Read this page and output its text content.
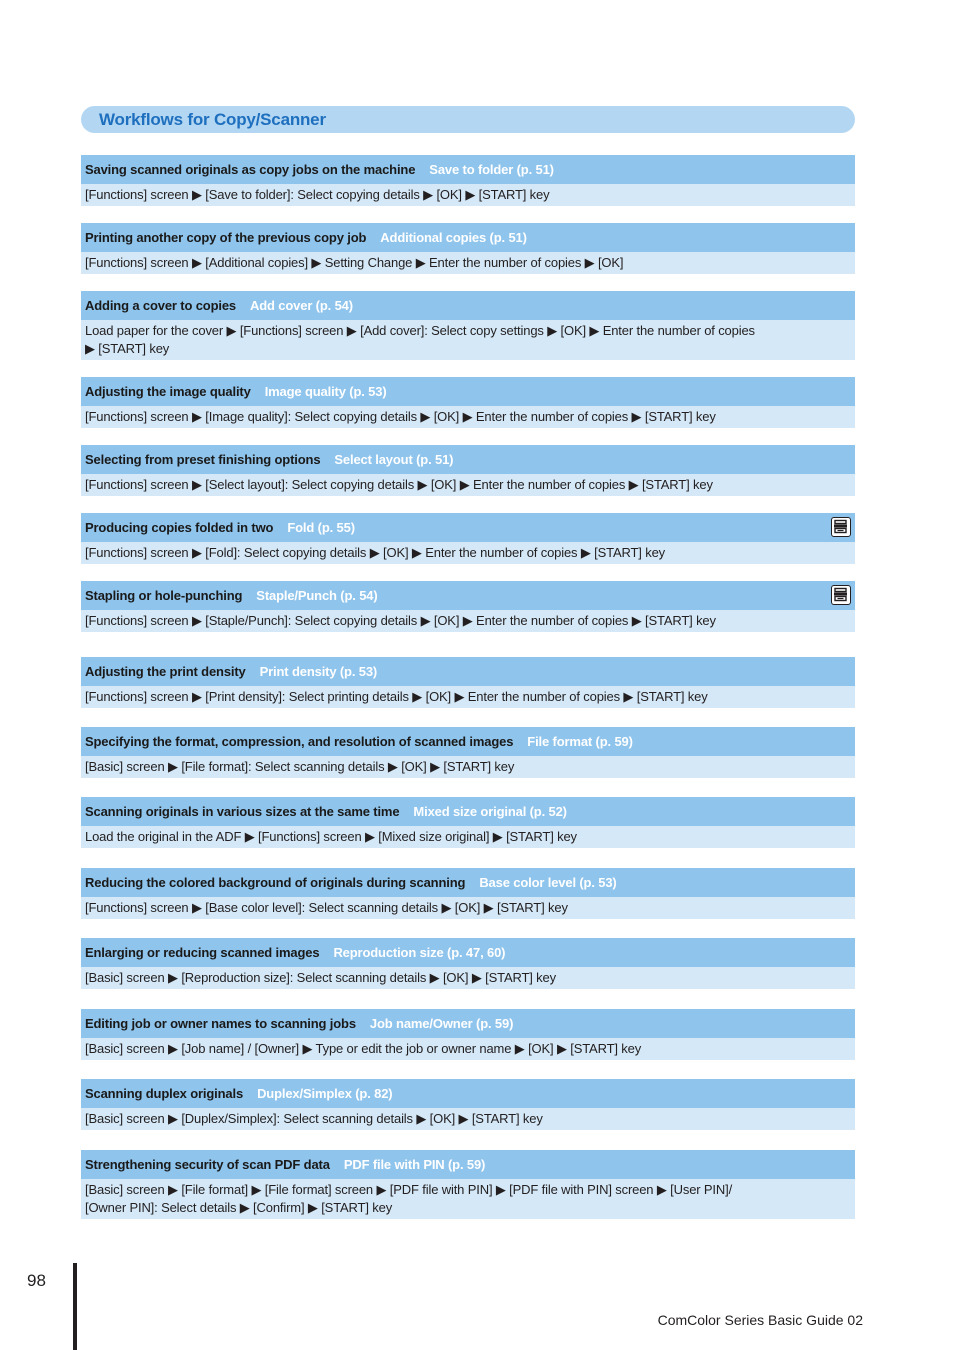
Workflows for Copy/Scanner
Saving scanned originals as copy jobs on the machine Save to folder (p. 51)
[Functions] screen ▶ [Save to folder]: Select copying details ▶ [OK] ▶ [START] key
Printing another copy of the previous copy job Additional copies (p. 51)
[Functions] screen ▶ [Additional copies] ▶ Setting Change ▶ Enter the number of copies ▶ [OK]
Adding a cover to copies Add cover (p. 54)
Load paper for the cover ▶ [Functions] screen ▶ [Add cover]: Select copy settings ▶ [OK] ▶ Enter the number of copies ▶ [START] key
Adjusting the image quality Image quality (p. 53)
[Functions] screen ▶ [Image quality]: Select copying details ▶ [OK] ▶ Enter the number of copies ▶ [START] key
Selecting from preset finishing options Select layout (p. 51)
[Functions] screen ▶ [Select layout]: Select copying details ▶ [OK] ▶ Enter the number of copies ▶ [START] key
Producing copies folded in two Fold (p. 55)
[Functions] screen ▶ [Fold]: Select copying details ▶ [OK] ▶ Enter the number of copies ▶ [START] key
Stapling or hole-punching Staple/Punch (p. 54)
[Functions] screen ▶ [Staple/Punch]: Select copying details ▶ [OK] ▶ Enter the number of copies ▶ [START] key
Adjusting the print density Print density (p. 53)
[Functions] screen ▶ [Print density]: Select printing details ▶ [OK] ▶ Enter the number of copies ▶ [START] key
Specifying the format, compression, and resolution of scanned images File format (p. 59)
[Basic] screen ▶ [File format]: Select scanning details ▶ [OK] ▶ [START] key
Scanning originals in various sizes at the same time Mixed size original (p. 52)
Load the original in the ADF ▶ [Functions] screen ▶ [Mixed size original] ▶ [START] key
Reducing the colored background of originals during scanning Base color level (p. 53)
[Functions] screen ▶ [Base color level]: Select scanning details ▶ [OK] ▶ [START] key
Enlarging or reducing scanned images Reproduction size (p. 47, 60)
[Basic] screen ▶ [Reproduction size]: Select scanning details ▶ [OK] ▶ [START] key
Editing job or owner names to scanning jobs Job name/Owner (p. 59)
[Basic] screen ▶ [Job name] / [Owner] ▶ Type or edit the job or owner name ▶ [OK] ▶ [START] key
Scanning duplex originals Duplex/Simplex (p. 82)
[Basic] screen ▶ [Duplex/Simplex]: Select scanning details ▶ [OK] ▶ [START] key
Strengthening security of scan PDF data PDF file with PIN (p. 59)
[Basic] screen ▶ [File format] ▶ [File format] screen ▶ [PDF file with PIN] ▶ [PDF file with PIN] screen ▶ [User PIN]/ [Owner PIN]: Select details ▶ [Confirm] ▶ [START] key
98
ComColor Series Basic Guide 02
